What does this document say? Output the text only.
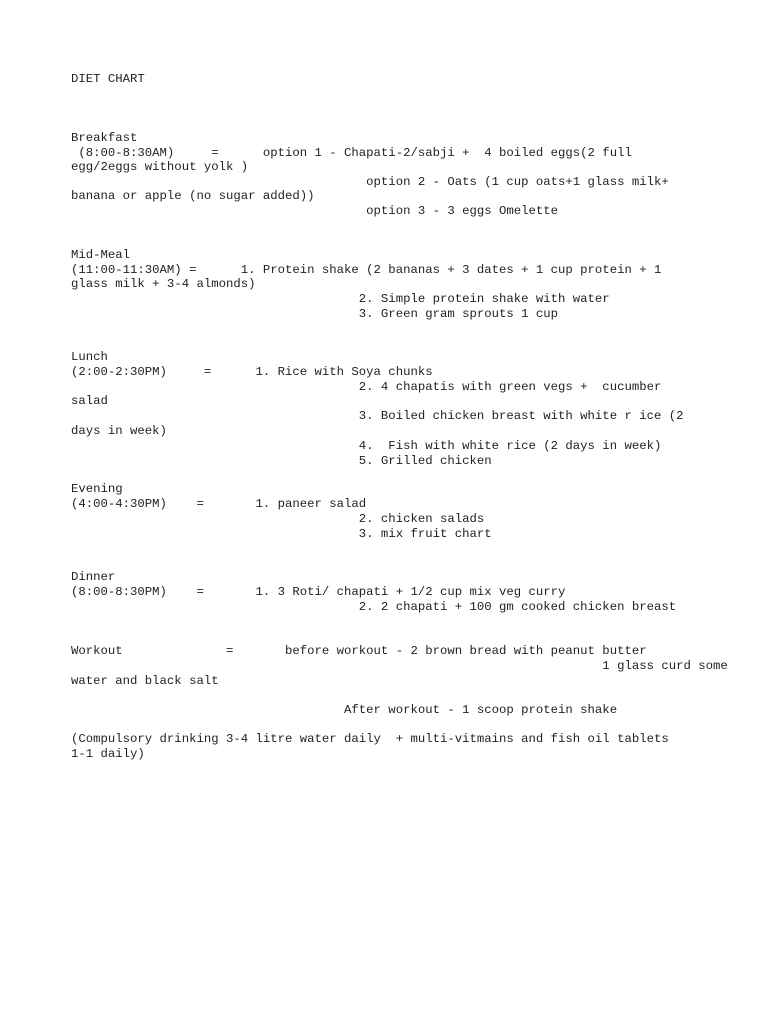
DIET CHART

Breakfast

(8:00-8:30AM)     =      option 1 - Chapati-2/sabji +  4 boiled eggs(2 full

egg/2eggs without yolk )

option 2 - Oats (1 cup oats+1 glass milk+

banana or apple (no sugar added))

option 3 - 3 eggs Omelette

Mid-Meal

(11:00-11:30AM) =      1. Protein shake (2 bananas + 3 dates + 1 cup protein + 1

glass milk + 3-4 almonds)

2. Simple protein shake with water

3. Green gram sprouts 1 cup

Lunch

(2:00-2:30PM)     =      1. Rice with Soya chunks

2. 4 chapatis with green vegs +  cucumber

salad

3. Boiled chicken breast with white r ice (2

days in week)

4.  Fish with white rice (2 days in week)

5. Grilled chicken

Evening

(4:00-4:30PM)    =       1. paneer salad

2. chicken salads

3. mix fruit chart

Dinner

(8:00-8:30PM)    =       1. 3 Roti/ chapati + 1/2 cup mix veg curry

2. 2 chapati + 100 gm cooked chicken breast

Workout              =       before workout - 2 brown bread with peanut butter

1 glass curd some

water and black salt

After workout - 1 scoop protein shake

(Compulsory drinking 3-4 litre water daily  + multi-vitmains and fish oil tablets

1-1 daily)
